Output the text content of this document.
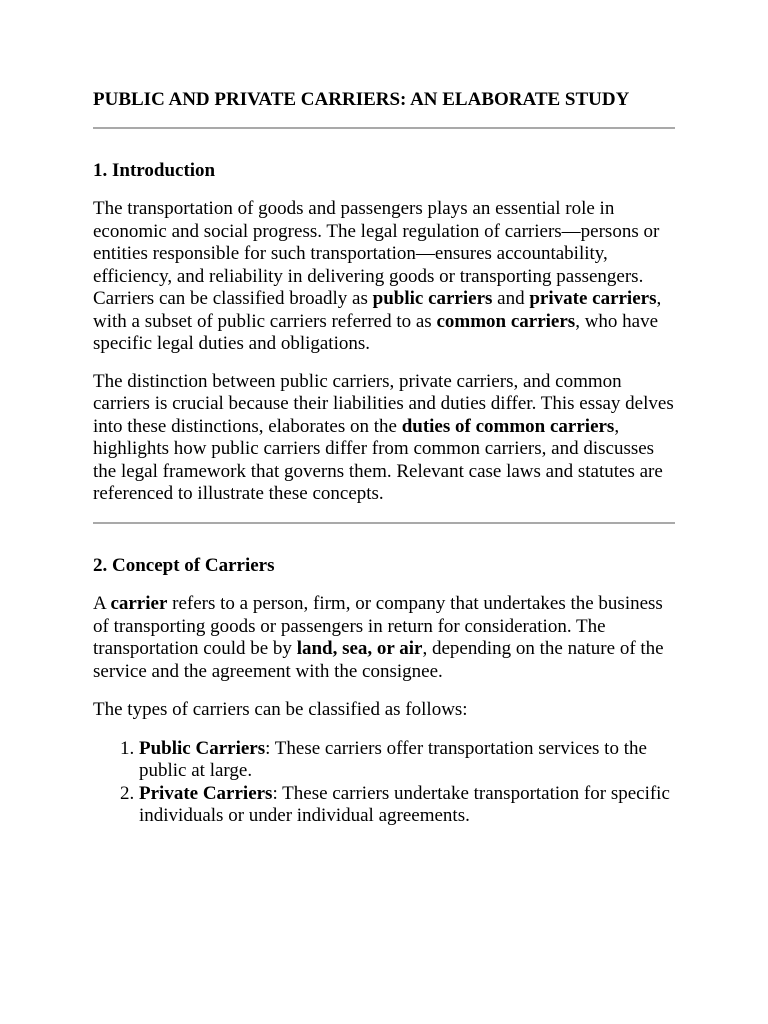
PUBLIC AND PRIVATE CARRIERS: AN ELABORATE STUDY
1. Introduction

The transportation of goods and passengers plays an essential role in economic and social progress. The legal regulation of carriers—persons or entities responsible for such transportation—ensures accountability, efficiency, and reliability in delivering goods or transporting passengers. Carriers can be classified broadly as public carriers and private carriers, with a subset of public carriers referred to as common carriers, who have specific legal duties and obligations.

The distinction between public carriers, private carriers, and common carriers is crucial because their liabilities and duties differ. This essay delves into these distinctions, elaborates on the duties of common carriers, highlights how public carriers differ from common carriers, and discusses the legal framework that governs them. Relevant case laws and statutes are referenced to illustrate these concepts.

2. Concept of Carriers

A carrier refers to a person, firm, or company that undertakes the business of transporting goods or passengers in return for consideration. The transportation could be by land, sea, or air, depending on the nature of the service and the agreement with the consignee.

The types of carriers can be classified as follows:

1. Public Carriers: These carriers offer transportation services to the public at large.
2. Private Carriers: These carriers undertake transportation for specific individuals or under individual agreements.
